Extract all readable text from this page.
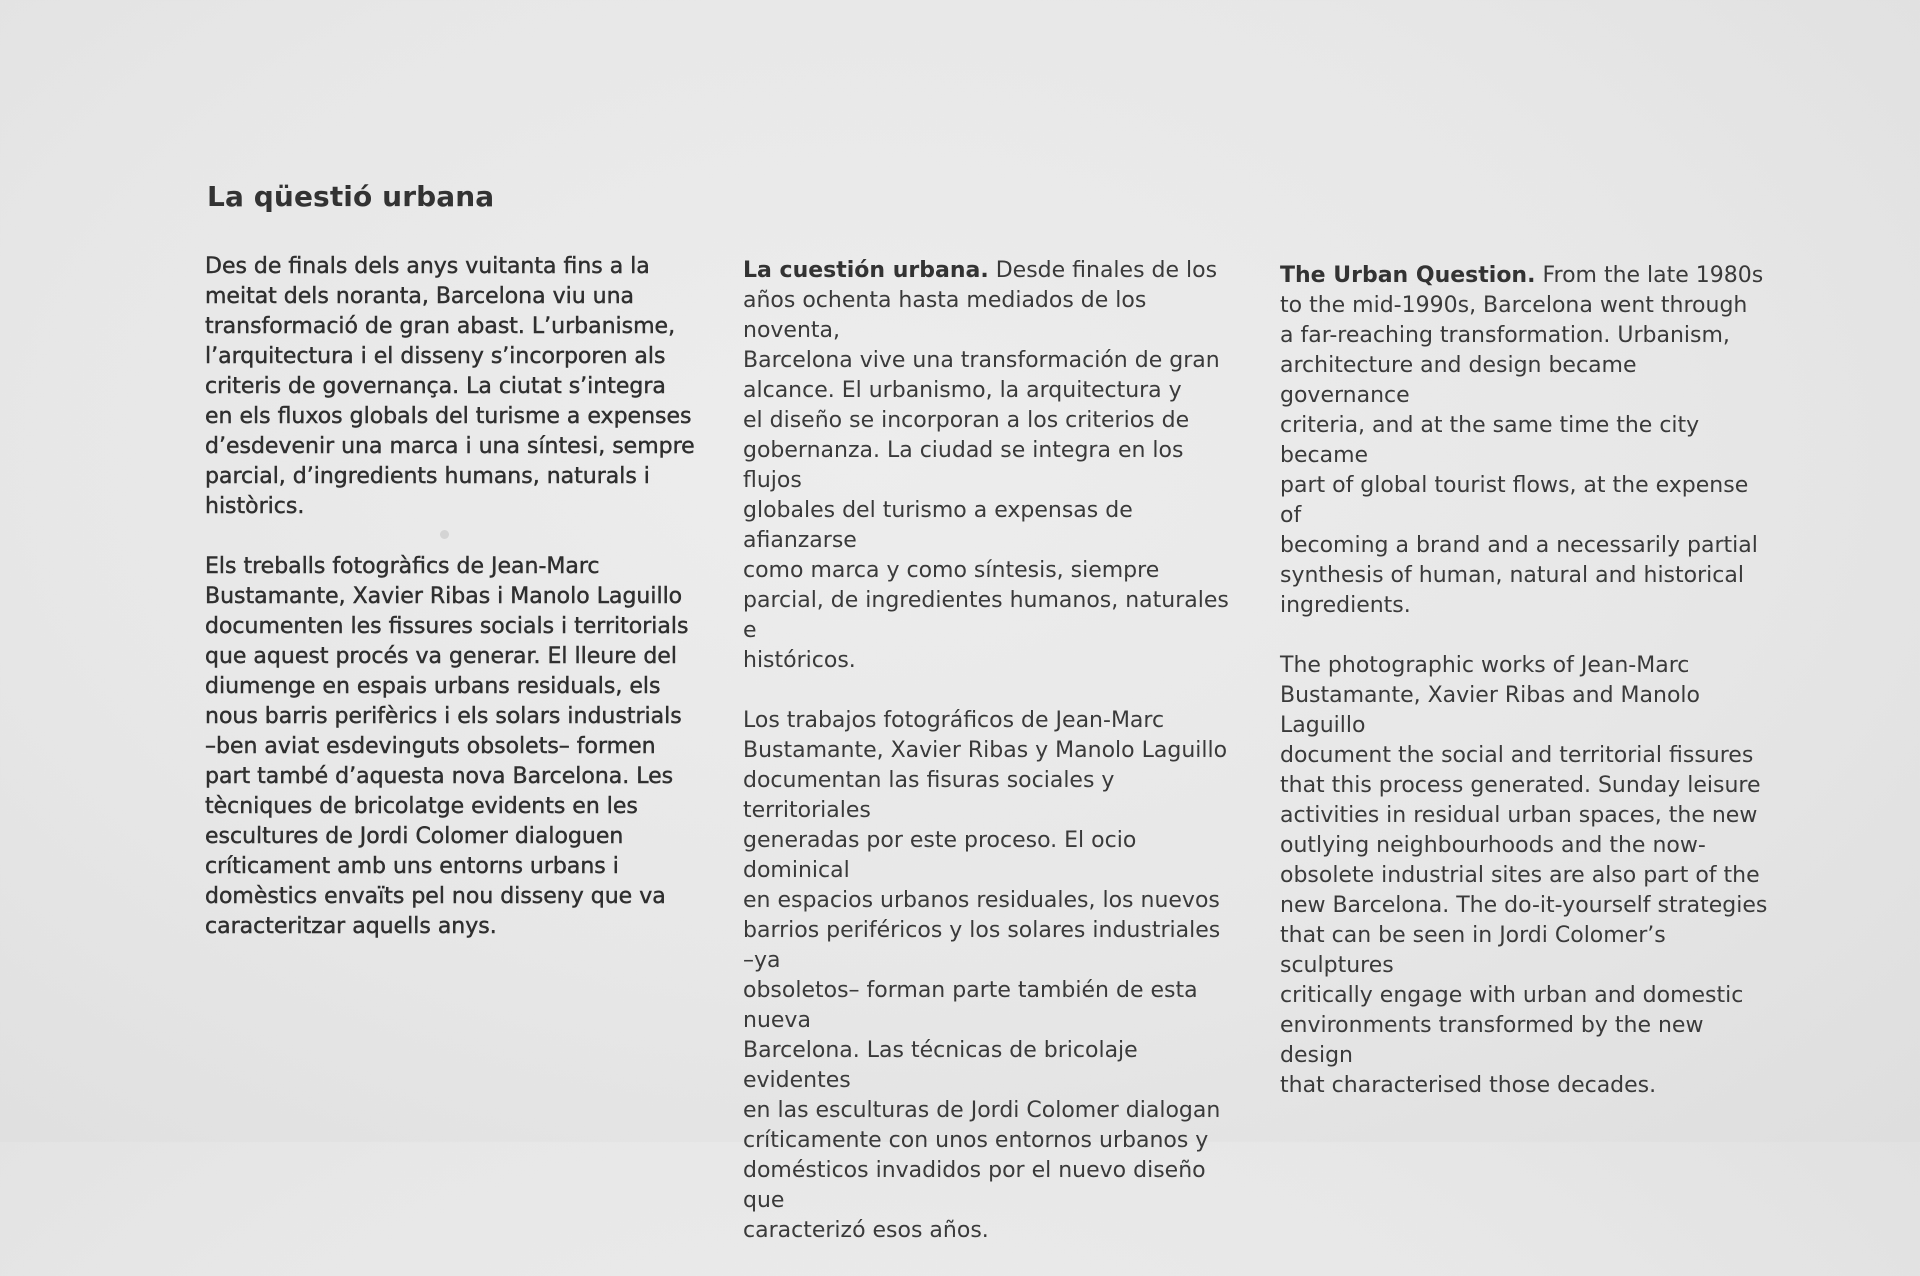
La qüestió urbana

Des de finals dels anys vuitanta fins a la
meitat dels noranta, Barcelona viu una
transformació de gran abast. L’urbanisme,
l’arquitectura i el disseny s’incorporen als
criteris de governança. La ciutat s’integra
en els fluxos globals del turisme a expenses
d’esdevenir una marca i una síntesi, sempre
parcial, d’ingredients humans, naturals i
històrics.

Els treballs fotogràfics de Jean-Marc
Bustamante, Xavier Ribas i Manolo Laguillo
documenten les fissures socials i territorials
que aquest procés va generar. El lleure del
diumenge en espais urbans residuals, els
nous barris perifèrics i els solars industrials
–ben aviat esdevinguts obsolets– formen
part també d’aquesta nova Barcelona. Les
tècniques de bricolatge evidents en les
escultures de Jordi Colomer dialoguen
críticament amb uns entorns urbans i
domèstics envaïts pel nou disseny que va
caracteritzar aquells anys.

La cuestión urbana. Desde finales de los
años ochenta hasta mediados de los noventa,
Barcelona vive una transformación de gran
alcance. El urbanismo, la arquitectura y
el diseño se incorporan a los criterios de
gobernanza. La ciudad se integra en los flujos
globales del turismo a expensas de afianzarse
como marca y como síntesis, siempre
parcial, de ingredientes humanos, naturales e
históricos.

Los trabajos fotográficos de Jean-Marc
Bustamante, Xavier Ribas y Manolo Laguillo
documentan las fisuras sociales y territoriales
generadas por este proceso. El ocio dominical
en espacios urbanos residuales, los nuevos
barrios periféricos y los solares industriales –ya
obsoletos– forman parte también de esta nueva
Barcelona. Las técnicas de bricolaje evidentes
en las esculturas de Jordi Colomer dialogan
críticamente con unos entornos urbanos y
domésticos invadidos por el nuevo diseño que
caracterizó esos años.

The Urban Question. From the late 1980s
to the mid-1990s, Barcelona went through
a far-reaching transformation. Urbanism,
architecture and design became governance
criteria, and at the same time the city became
part of global tourist flows, at the expense of
becoming a brand and a necessarily partial
synthesis of human, natural and historical
ingredients.

The photographic works of Jean-Marc
Bustamante, Xavier Ribas and Manolo Laguillo
document the social and territorial fissures
that this process generated. Sunday leisure
activities in residual urban spaces, the new
outlying neighbourhoods and the now-
obsolete industrial sites are also part of the
new Barcelona. The do-it-yourself strategies
that can be seen in Jordi Colomer’s sculptures
critically engage with urban and domestic
environments transformed by the new design
that characterised those decades.
